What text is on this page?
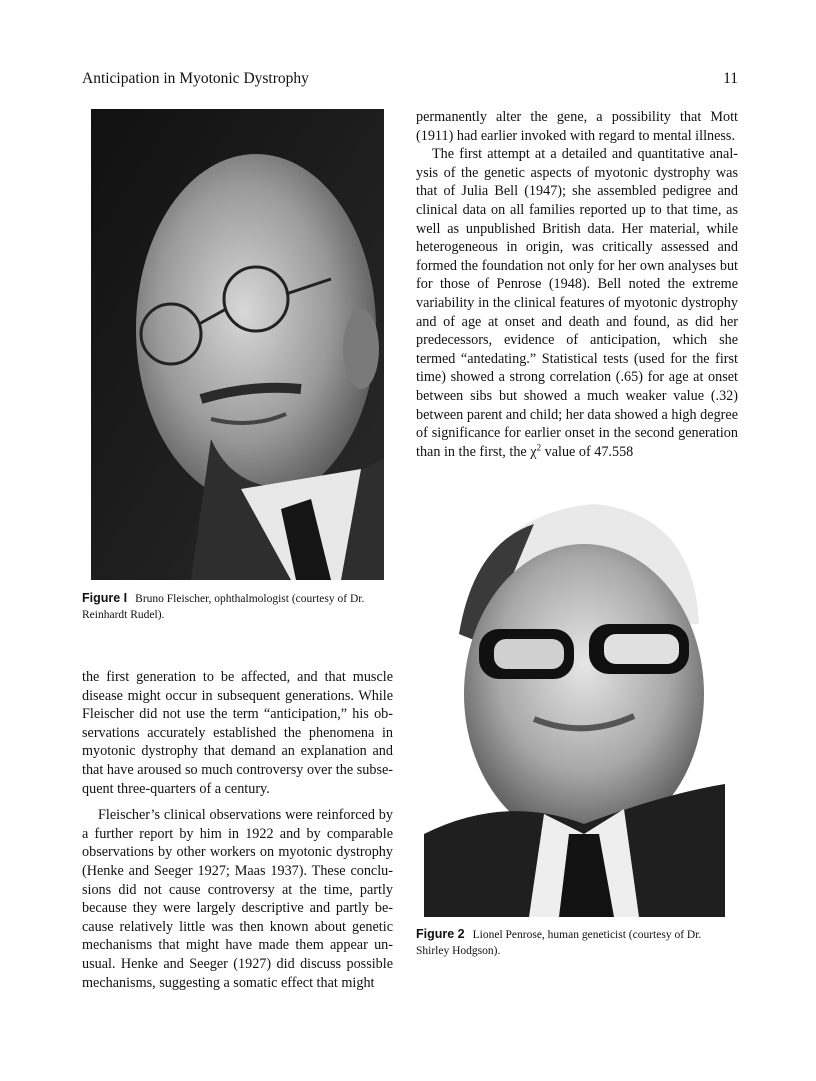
Anticipation in Myotonic Dystrophy	11
Figure I Bruno Fleischer, ophthalmologist (courtesy of Dr. Reinhardt Rudel).

permanently alter the gene, a possibility that Mott (1911) had earlier invoked with regard to mental illness.

The first attempt at a detailed and quantitative analysis of the genetic aspects of myotonic dystrophy was that of Julia Bell (1947); she assembled pedigree and clinical data on all families reported up to that time, as well as unpublished British data. Her material, while heterogeneous in origin, was critically assessed and formed the foundation not only for her own analyses but for those of Penrose (1948). Bell noted the extreme variability in the clinical features of myotonic dystrophy and of age at onset and death and found, as did her predecessors, evidence of anticipation, which she termed “antedating.” Statistical tests (used for the first time) showed a strong correlation (.65) for age at onset between sibs but showed a much weaker value (.32) between parent and child; her data showed a high degree of significance for earlier onset in the second generation than in the first, the $\chi^2$ value of 47.558

Figure 2 Lionel Penrose, human geneticist (courtesy of Dr. Shirley Hodgson).

the first generation to be affected, and that muscle disease might occur in subsequent generations. While Fleischer did not use the term “anticipation,” his observations accurately established the phenomena in myotonic dystrophy that demand an explanation and that have aroused so much controversy over the subsequent three-quarters of a century.

Fleischer’s clinical observations were reinforced by a further report by him in 1922 and by comparable observations by other workers on myotonic dystrophy (Henke and Seeger 1927; Maas 1937). These conclusions did not cause controversy at the time, partly because they were largely descriptive and partly because relatively little was then known about genetic mechanisms that might have made them appear unusual. Henke and Seeger (1927) did discuss possible mechanisms, suggesting a somatic effect that might
